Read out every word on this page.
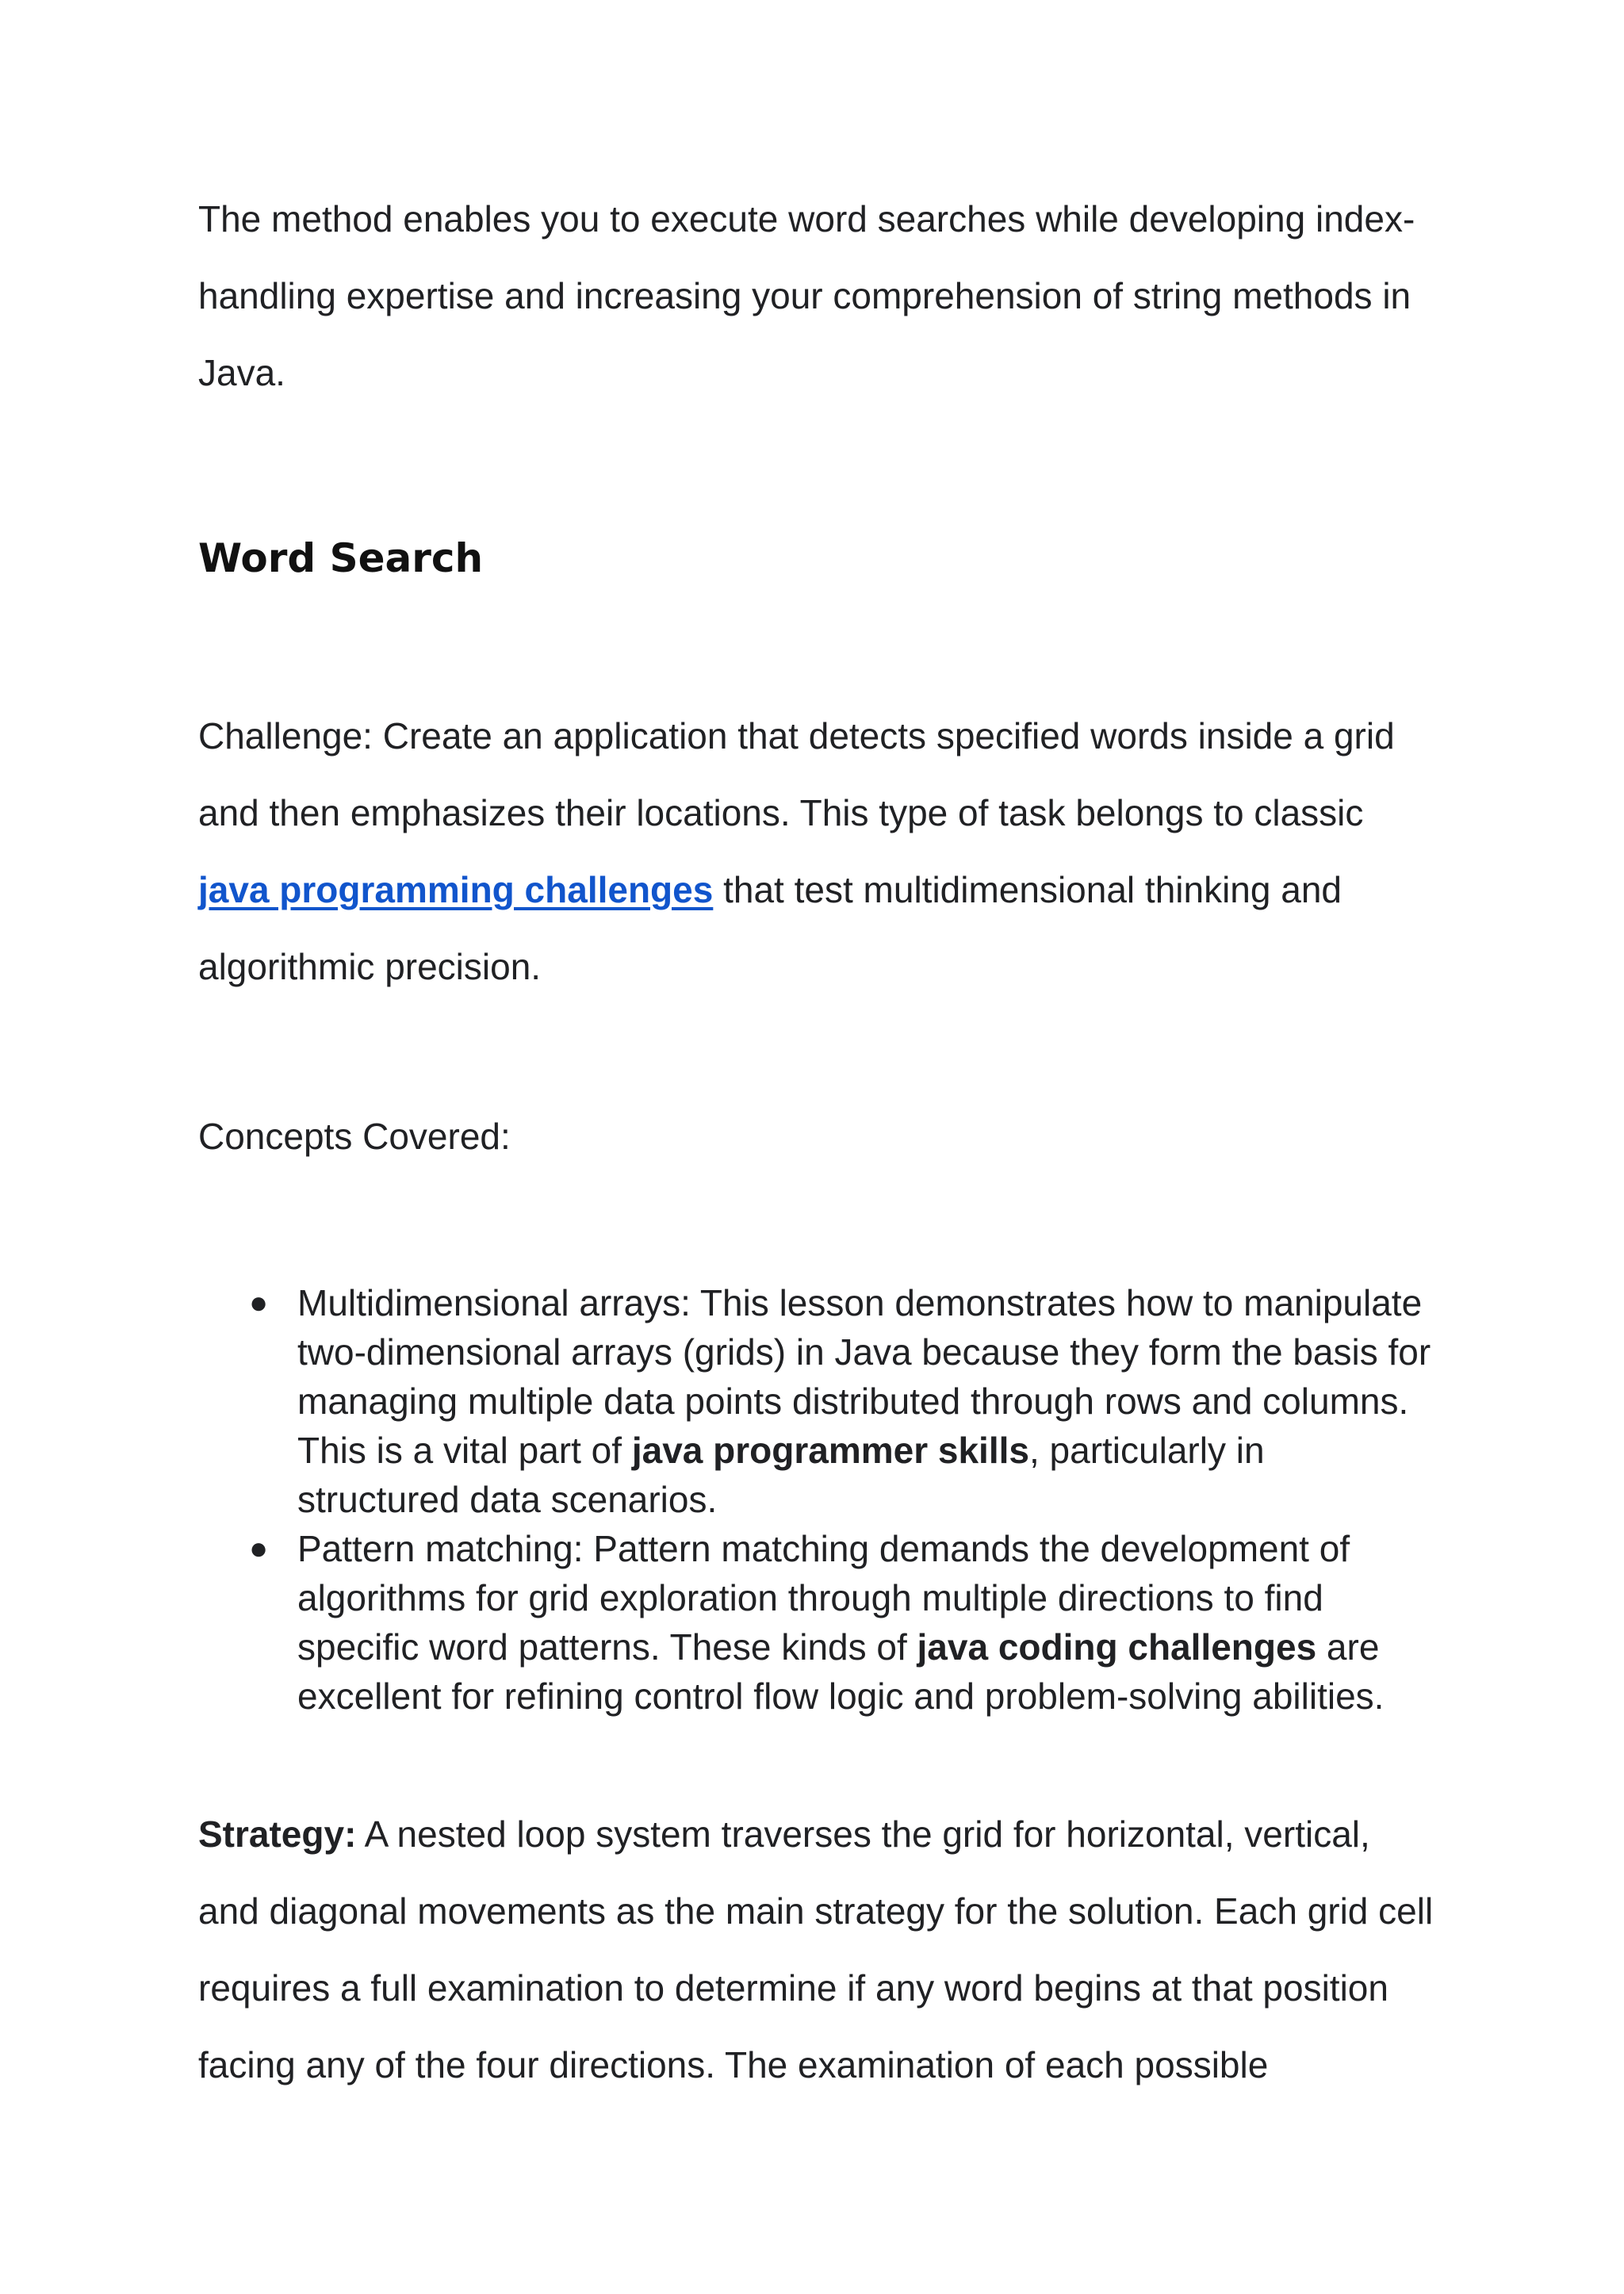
The method enables you to execute word searches while developing index-handling expertise and increasing your comprehension of string methods in Java.

Word Search

Challenge: Create an application that detects specified words inside a grid and then emphasizes their locations. This type of task belongs to classic java programming challenges that test multidimensional thinking and algorithmic precision.

Concepts Covered:

● Multidimensional arrays: This lesson demonstrates how to manipulate two-dimensional arrays (grids) in Java because they form the basis for managing multiple data points distributed through rows and columns. This is a vital part of java programmer skills, particularly in structured data scenarios.
● Pattern matching: Pattern matching demands the development of algorithms for grid exploration through multiple directions to find specific word patterns. These kinds of java coding challenges are excellent for refining control flow logic and problem-solving abilities.

Strategy: A nested loop system traverses the grid for horizontal, vertical, and diagonal movements as the main strategy for the solution. Each grid cell requires a full examination to determine if any word begins at that position facing any of the four directions. The examination of each possible
